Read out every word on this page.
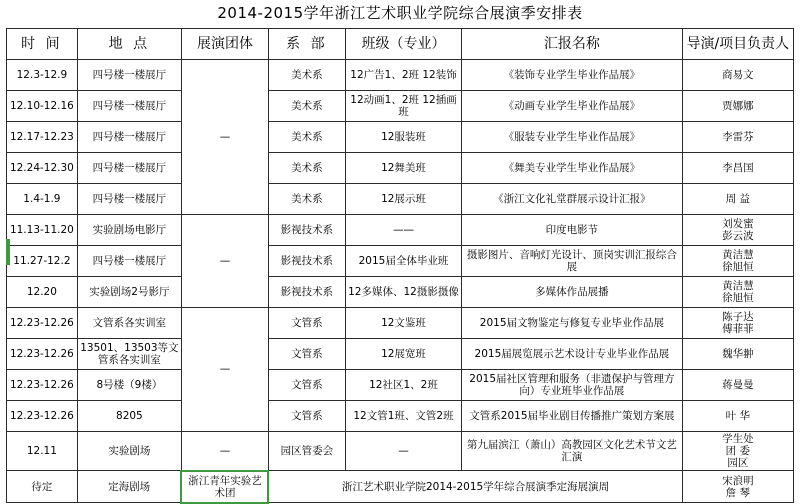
2014-2015学年浙江艺术职业学院综合展演季安排表						
时 间	地 点	展演团体	系 部	班级（专业）	汇报名称	导演/项目负责人
12.3-12.9	四号楼一楼展厅	—	美术系	12广告1、2班 12装饰	《装饰专业学生毕业作品展》	商易文
12.10-12.16	四号楼一楼展厅		美术系	12动画1、2班 12插画班	《动画专业学生毕业作品展》	贾娜娜
12.17-12.23	四号楼一楼展厅		美术系	12服装班	《服装专业学生毕业作品展》	李雷芬
12.24-12.30	四号楼一楼展厅		美术系	12舞美班	《舞美专业学生毕业作品展》	李昌国
1.4-1.9	四号楼一楼展厅		美术系	12展示班	《浙江文化礼堂群展示设计汇报》	周 益
11.13-11.20	实验剧场电影厅	—	影视技术系	——	印度电影节	刘发蜜
彭云波
11.27-12.2	四号楼一楼展厅		影视技术系	2015届全体毕业班	摄影图片、音响灯光设计、顶岗实训汇报综合展	黄洁慧
徐旭恒
12.20	实验剧场2号影厅		影视技术系	12多媒体、12摄影摄像	多媒体作品展播	黄洁慧
徐旭恒
12.23-12.26	文管系各实训室	—	文管系	12文鉴班	2015届文物鉴定与修复专业毕业作品展	陈子达
傅菲菲
12.23-12.26	13501、13503等文管系各实训室		文管系	12展宽班	2015届展览展示艺术设计专业毕业作品展	魏华翀
12.23-12.26	8号楼（9楼）		文管系	12社区1、2班	2015届社区管理和服务（非遗保护与管理方向）专业班毕业作品展	蒋曼曼
12.23-12.26	8205		文管系	12文管1班、文管2班	文管系2015届毕业剧目传播推广策划方案展	叶 华
12.11	实验剧场	—	园区管委会	—	第九届滨江（萧山）高教园区文化艺术节文艺汇演	学生处
团 委
园区
待定	定海剧场	浙江青年实验艺术团	浙江艺术职业学院2014-2015学年综合展演季定海展演周			宋浪明
詹 琴
